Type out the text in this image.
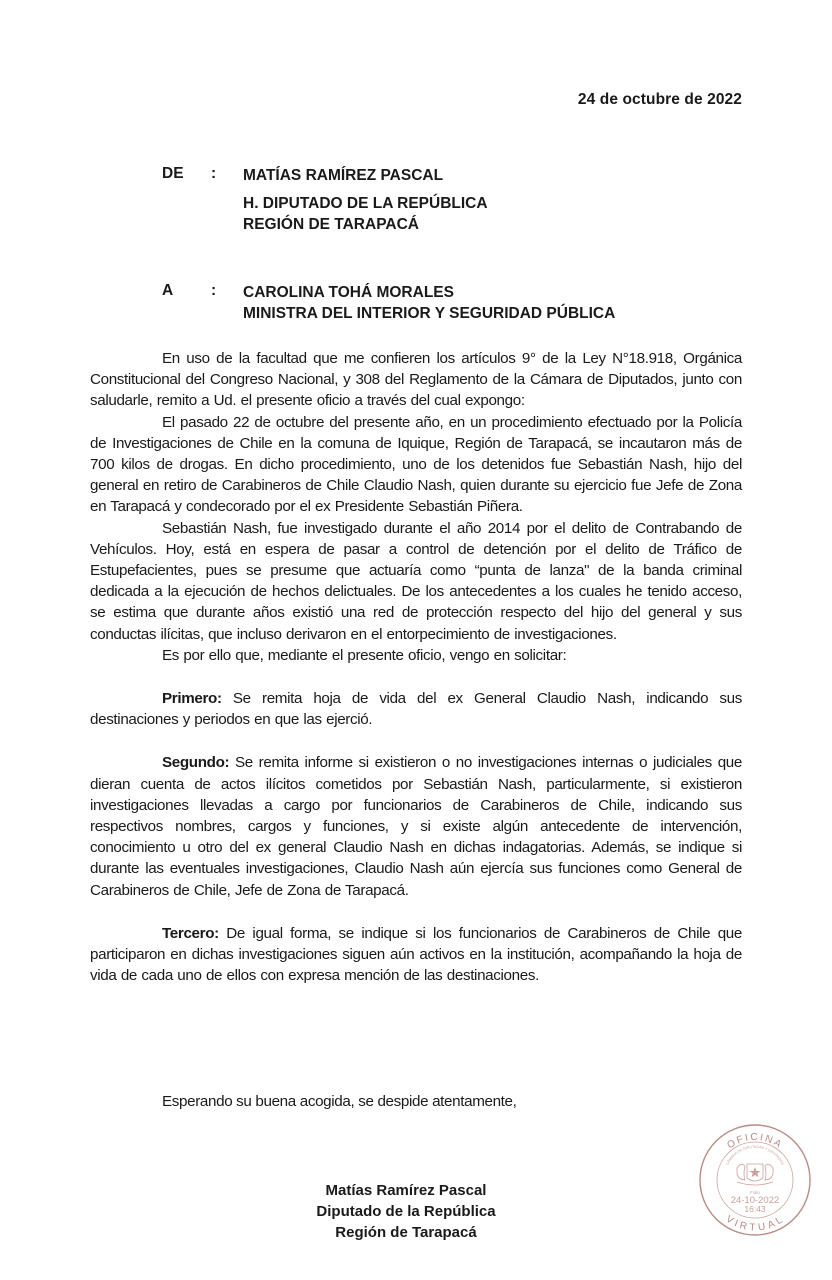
24 de octubre de 2022
DE	: MATÍAS RAMÍREZ PASCAL
H. DIPUTADO DE LA REPÚBLICA
REGIÓN DE TARAPACÁ
A	: CAROLINA TOHÁ MORALES
MINISTRA DEL INTERIOR Y SEGURIDAD PÚBLICA

En uso de la facultad que me confieren los artículos 9° de la Ley N°18.918, Orgánica Constitucional del Congreso Nacional, y 308 del Reglamento de la Cámara de Diputados, junto con saludarle, remito a Ud. el presente oficio a través del cual expongo:

El pasado 22 de octubre del presente año, en un procedimiento efectuado por la Policía de Investigaciones de Chile en la comuna de Iquique, Región de Tarapacá, se incautaron más de 700 kilos de drogas. En dicho procedimiento, uno de los detenidos fue Sebastián Nash, hijo del general en retiro de Carabineros de Chile Claudio Nash, quien durante su ejercicio fue Jefe de Zona en Tarapacá y condecorado por el ex Presidente Sebastián Piñera.

Sebastián Nash, fue investigado durante el año 2014 por el delito de Contrabando de Vehículos. Hoy, está en espera de pasar a control de detención por el delito de Tráfico de Estupefacientes, pues se presume que actuaría como “punta de lanza" de la banda criminal dedicada a la ejecución de hechos delictuales. De los antecedentes a los cuales he tenido acceso, se estima que durante años existió una red de protección respecto del hijo del general y sus conductas ilícitas, que incluso derivaron en el entorpecimiento de investigaciones.

Es por ello que, mediante el presente oficio, vengo en solicitar:

Primero: Se remita hoja de vida del ex General Claudio Nash, indicando sus destinaciones y periodos en que las ejerció.

Segundo: Se remita informe si existieron o no investigaciones internas o judiciales que dieran cuenta de actos ilícitos cometidos por Sebastián Nash, particularmente, si existieron investigaciones llevadas a cargo por funcionarios de Carabineros de Chile, indicando sus respectivos nombres, cargos y funciones, y si existe algún antecedente de intervención, conocimiento u otro del ex general Claudio Nash en dichas indagatorias. Además, se indique si durante las eventuales investigaciones, Claudio Nash aún ejercía sus funciones como General de Carabineros de Chile, Jefe de Zona de Tarapacá.

Tercero: De igual forma, se indique si los funcionarios de Carabineros de Chile que participaron en dichas investigaciones siguen aún activos en la institución, acompañando la hoja de vida de cada uno de ellos con expresa mención de las destinaciones.

Esperando su buena acogida, se despide atentamente,
Matías Ramírez Pascal
Diputado de la República
Región de Tarapacá
OFICINA
VIRTUAL
CÁMARA DE DIPUTADAS Y DIPUTADOS
Folio
24-10-2022
16:43
